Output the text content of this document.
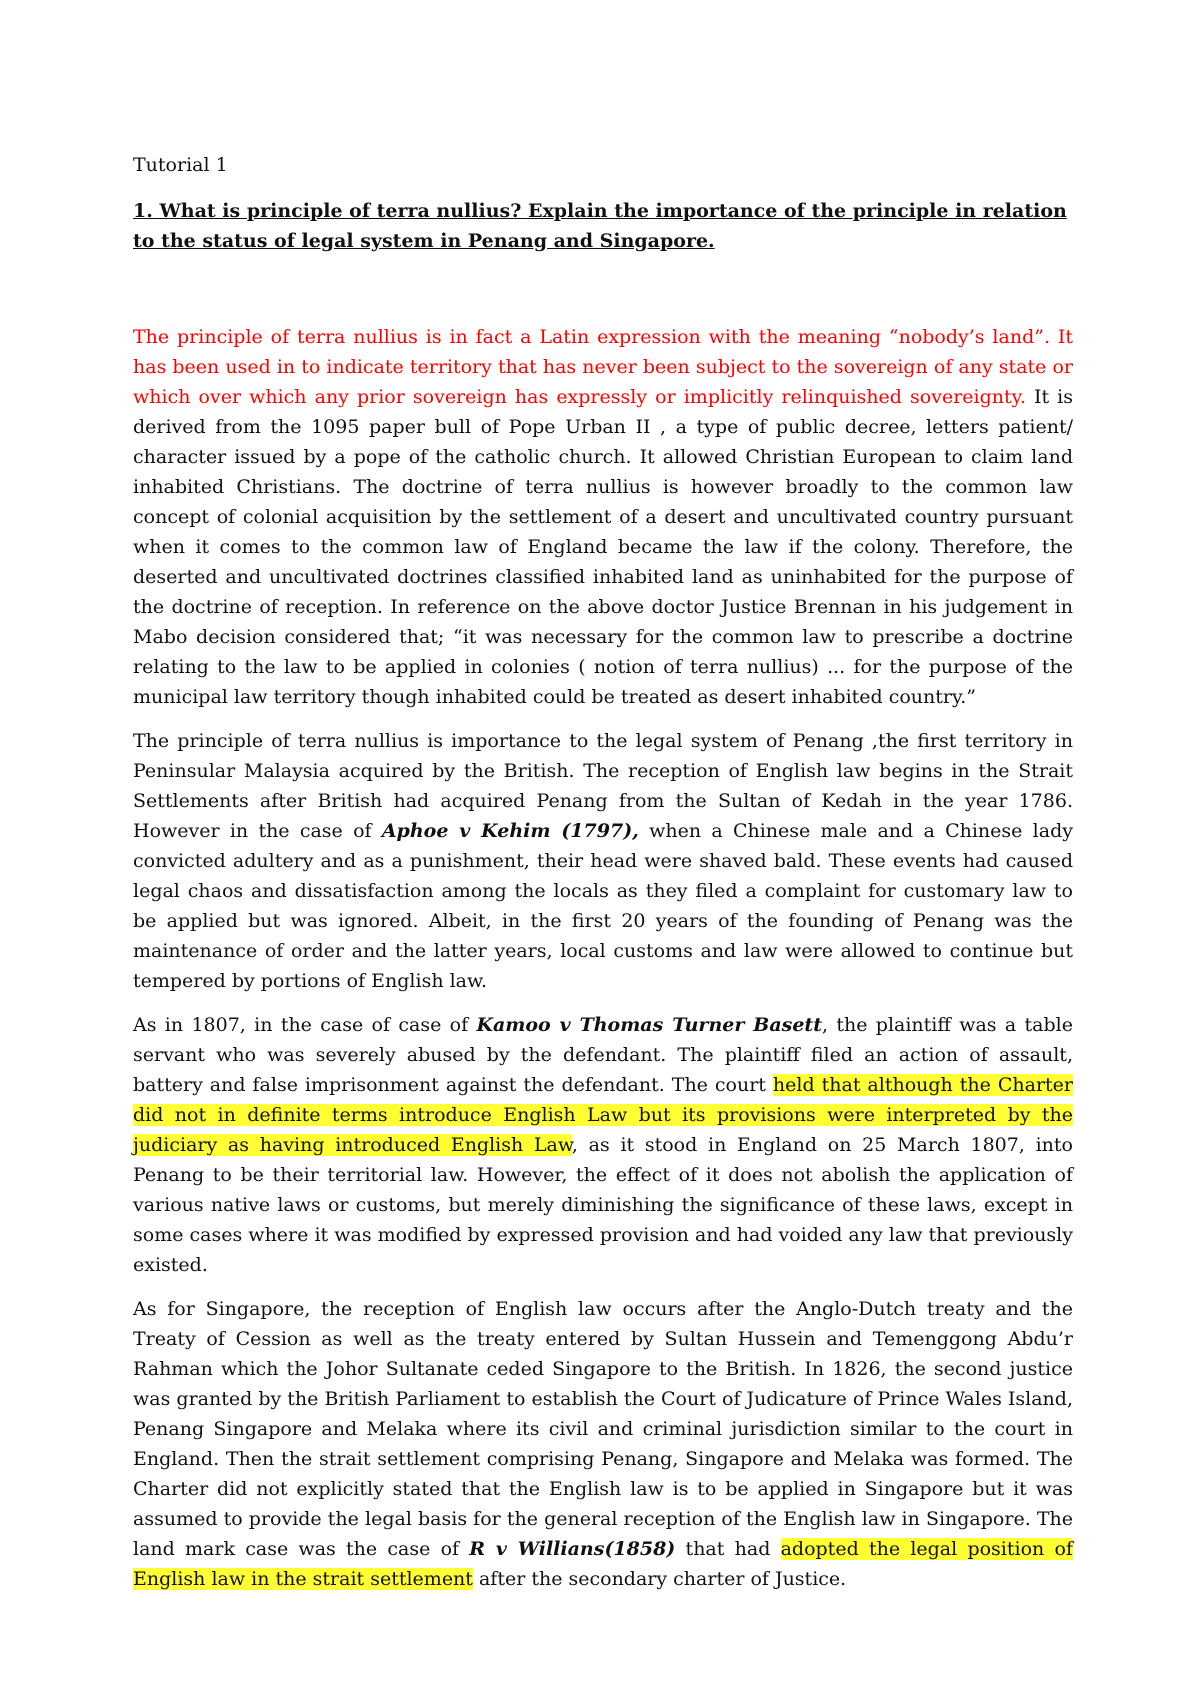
Tutorial 1
1. What is principle of terra nullius? Explain the importance of the principle in relation to the status of legal system in Penang and Singapore.

The principle of terra nullius is in fact a Latin expression with the meaning “nobody’s land”. It has been used in to indicate territory that has never been subject to the sovereign of any state or which over which any prior sovereign has expressly or implicitly relinquished sovereignty. It is derived from the 1095 paper bull of Pope Urban II , a type of public decree, letters patient/ character issued by a pope of the catholic church. It allowed Christian European to claim land inhabited Christians. The doctrine of terra nullius is however broadly to the common law concept of colonial acquisition by the settlement of a desert and uncultivated country pursuant when it comes to the common law of England became the law if the colony. Therefore, the deserted and uncultivated doctrines classified inhabited land as uninhabited for the purpose of the doctrine of reception. In reference on the above doctor Justice Brennan in his judgement in Mabo decision considered that; “it was necessary for the common law to prescribe a doctrine relating to the law to be applied in colonies ( notion of terra nullius) ... for the purpose of the municipal law territory though inhabited could be treated as desert inhabited country.”

The principle of terra nullius is importance to the legal system of Penang ,the first territory in Peninsular Malaysia acquired by the British. The reception of English law begins in the Strait Settlements after British had acquired Penang from the Sultan of Kedah in the year 1786. However in the case of Aphoe v Kehim (1797), when a Chinese male and a Chinese lady convicted adultery and as a punishment, their head were shaved bald. These events had caused legal chaos and dissatisfaction among the locals as they filed a complaint for customary law to be applied but was ignored. Albeit, in the first 20 years of the founding of Penang was the maintenance of order and the latter years, local customs and law were allowed to continue but tempered by portions of English law.

As in 1807, in the case of case of Kamoo v Thomas Turner Basett, the plaintiff was a table servant who was severely abused by the defendant. The plaintiff filed an action of assault, battery and false imprisonment against the defendant. The court held that although the Charter did not in definite terms introduce English Law but its provisions were interpreted by the judiciary as having introduced English Law, as it stood in England on 25 March 1807, into Penang to be their territorial law. However, the effect of it does not abolish the application of various native laws or customs, but merely diminishing the significance of these laws, except in some cases where it was modified by expressed provision and had voided any law that previously existed.

As for Singapore, the reception of English law occurs after the Anglo-Dutch treaty and the Treaty of Cession as well as the treaty entered by Sultan Hussein and Temenggong Abdu’r Rahman which the Johor Sultanate ceded Singapore to the British. In 1826, the second justice was granted by the British Parliament to establish the Court of Judicature of Prince Wales Island, Penang Singapore and Melaka where its civil and criminal jurisdiction similar to the court in England. Then the strait settlement comprising Penang, Singapore and Melaka was formed. The Charter did not explicitly stated that the English law is to be applied in Singapore but it was assumed to provide the legal basis for the general reception of the English law in Singapore. The land mark case was the case of R v Willians(1858) that had adopted the legal position of English law in the strait settlement after the secondary charter of Justice.
